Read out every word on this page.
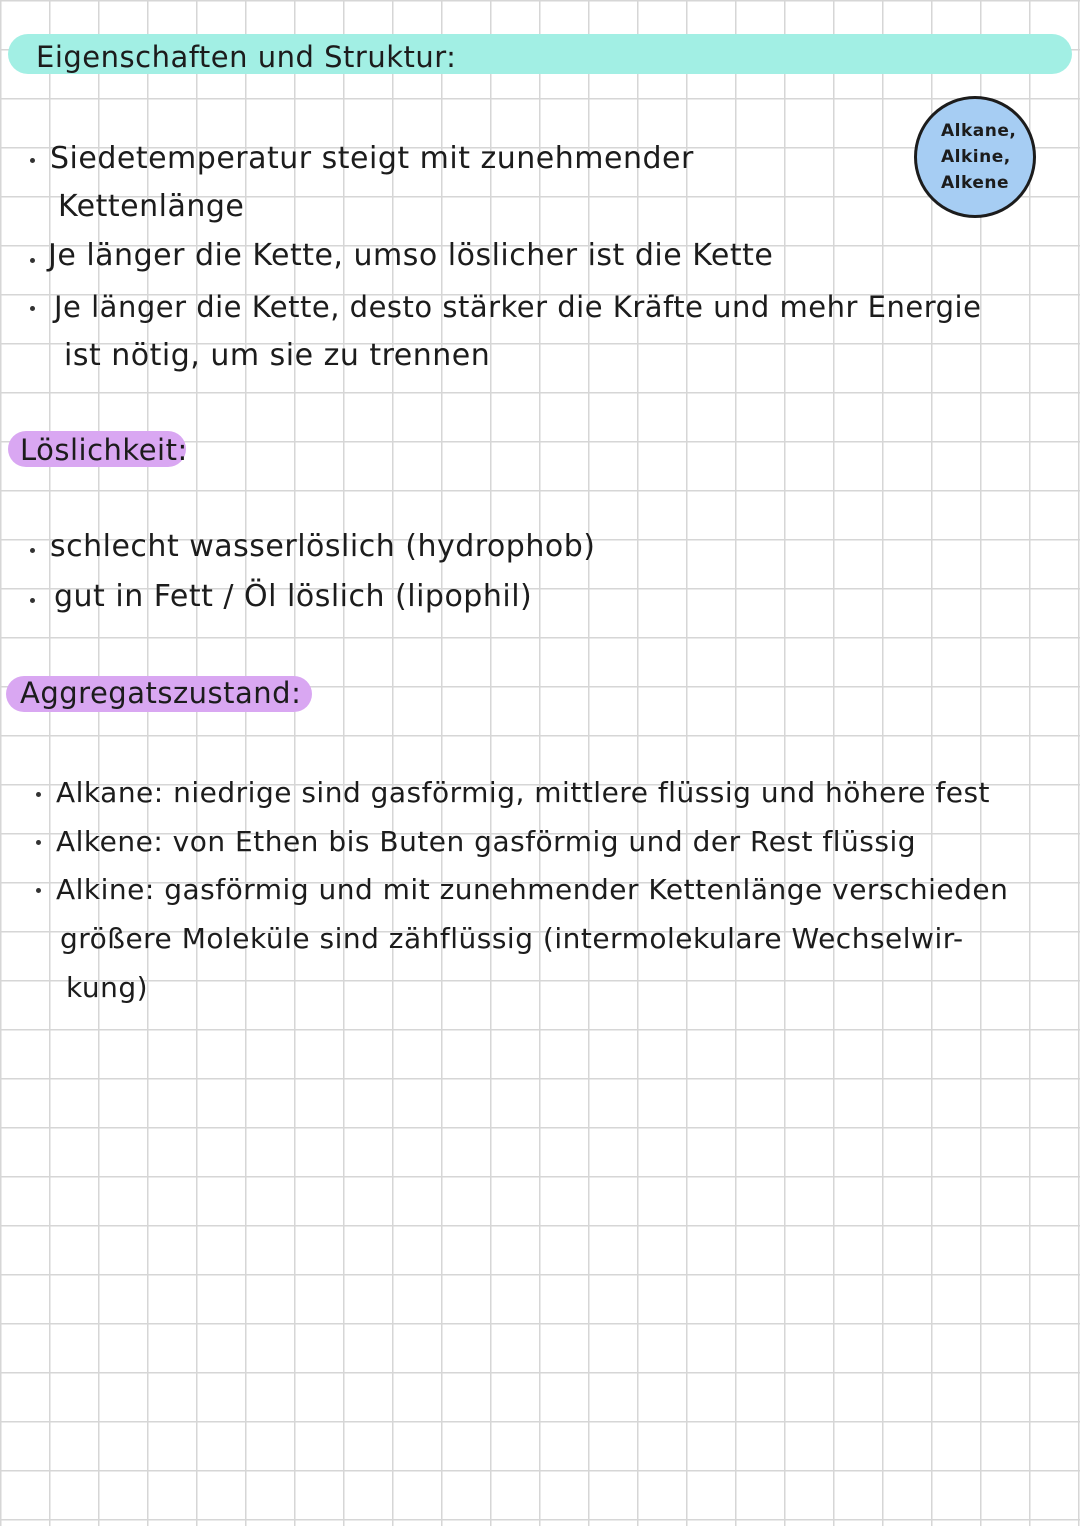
Eigenschaften und Struktur:
Alkane,
Alkine,
Alkene
Siedetemperatur steigt mit zunehmender
Kettenlänge
Je länger die Kette, umso löslicher ist die Kette
Je länger die Kette, desto stärker die Kräfte und mehr Energie
ist nötig, um sie zu trennen
Löslichkeit:
schlecht wasserlöslich (hydrophob)
gut in Fett / Öl löslich (lipophil)
Aggregatszustand:
Alkane: niedrige sind gasförmig, mittlere flüssig und höhere fest
Alkene: von Ethen bis Buten gasförmig und der Rest flüssig
Alkine: gasförmig und mit zunehmender Kettenlänge verschieden
größere Moleküle sind zähflüssig (intermolekulare Wechselwir-
kung)
